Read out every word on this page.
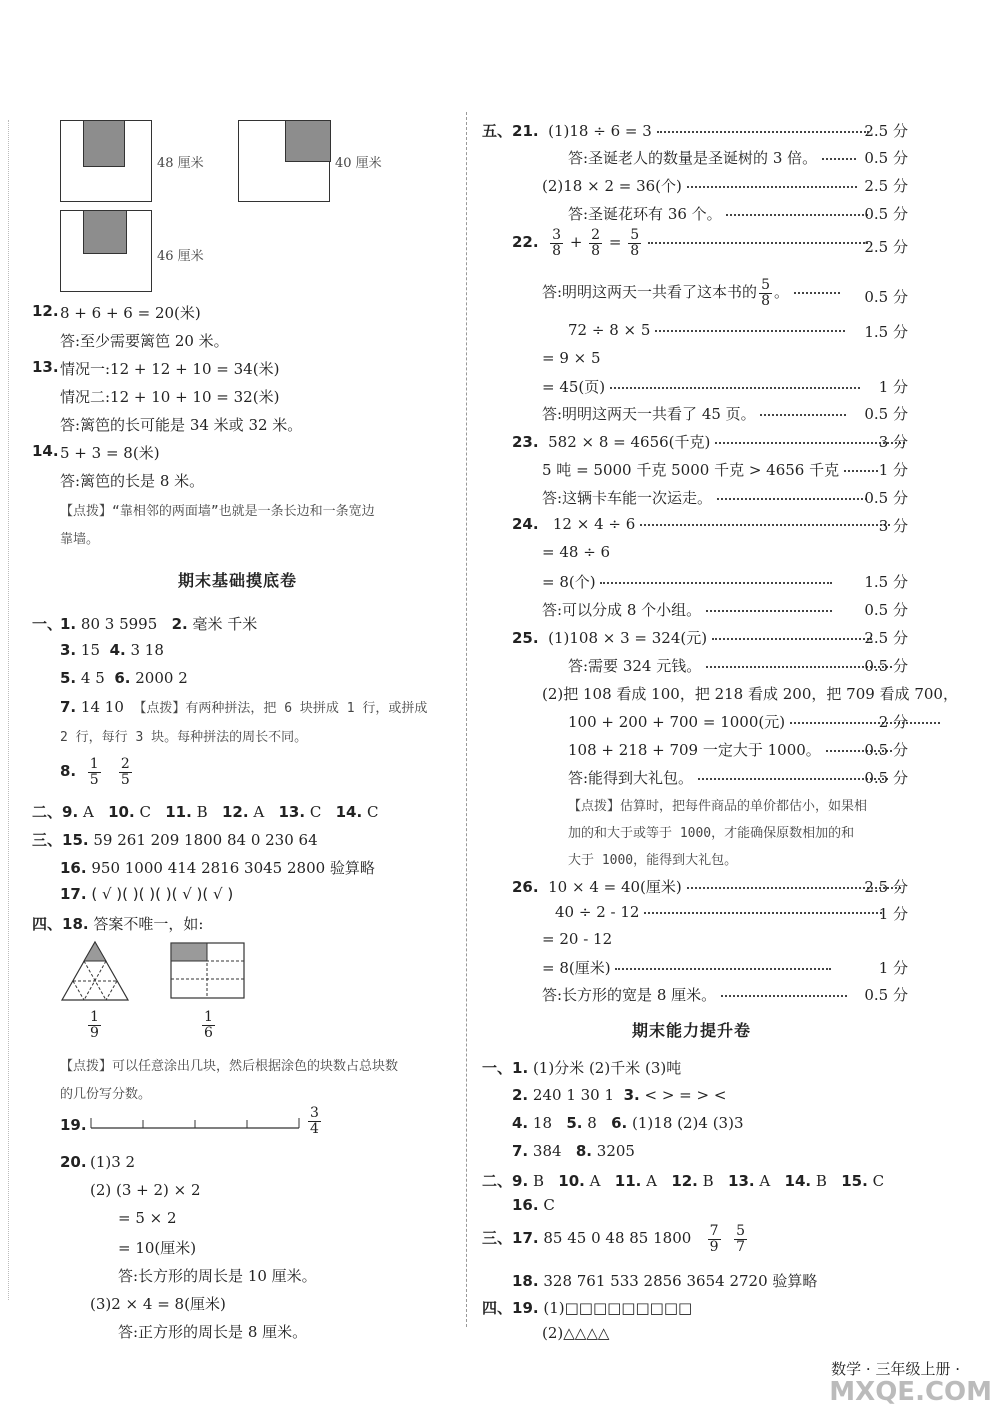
48 厘米	40 厘米
46 厘米
12. 8 + 6 + 6 = 20(米)
答:至少需要篱笆 20 米。
13. 情况一:12 + 12 + 10 = 34(米)
情况二:12 + 10 + 10 = 32(米)
答:篱笆的长可能是 34 米或 32 米。
14. 5 + 3 = 8(米)
答:篱笆的长是 8 米。
【点拨】“靠相邻的两面墙”也就是一条长边和一条宽边
靠墙。
期末基础摸底卷
一、
1. 80 3 5995 2. 毫米 千米
3. 15 4. 3 18
5. 4 5 6. 2000 2
7. 14 10 【点拨】有两种拼法，把 6 块拼成 1 行，或拼成
2 行，每行 3 块。每种拼法的周长不同。
8. $\frac{1}{5}$
$\frac{2}{5}$
二、9. A 10. C 11. B 12. A 13. C 14. C
三、15. 59 261 209 1800 84 0 230 64
16. 950 1000 414 2816 3045 2800 验算略
17. ( √ )( )( )( )( √ )( √ )
四、18. 答案不唯一，如:
$\frac{1}{9}$	$\frac{1}{6}$
【点拨】可以任意涂出几块，然后根据涂色的块数占总块数
的几份写分数。
19.	$\frac{3}{4}$
20. (1)3 2
(2) (3 + 2) × 2
= 5 × 2
= 10(厘米)
答:长方形的周长是 10 厘米。
(3)2 × 4 = 8(厘米)
答:正方形的周长是 8 厘米。
五、21. (1)18 ÷ 6 = 3	2.5 分
答:圣诞老人的数量是圣诞树的 3 倍。	0.5 分
(2)18 × 2 = 36(个)	2.5 分
答:圣诞花环有 36 个。	0.5 分
22. $\frac{3}{8} + \frac{2}{8} = \frac{5}{8}$
	2.5 分
答:明明这两天一共看了这本书的 $\frac{5}{8}$ 。	0.5 分
72 ÷ 8 × 5	1.5 分
= 9 × 5
= 45(页)	1 分
答:明明这两天一共看了 45 页。	0.5 分
23. 582 × 8 = 4656(千克)	3 分
5 吨 = 5000 千克 5000 千克 > 4656 千克	1 分
答:这辆卡车能一次运走。	0.5 分
24. 12 × 4 ÷ 6	3 分
= 48 ÷ 6
= 8(个)	1.5 分
答:可以分成 8 个小组。	0.5 分
25. (1)108 × 3 = 324(元)	2.5 分
答:需要 324 元钱。	0.5 分
(2)把 108 看成 100，把 218 看成 200，把 709 看成 700，
100 + 200 + 700 = 1000(元)	2 分
108 + 218 + 709 一定大于 1000。	0.5 分
答:能得到大礼包。	0.5 分
【点拨】估算时，把每件商品的单价都估小，如果相
加的和大于或等于 1000，才能确保原数相加的和
大于 1000，能得到大礼包。
26. 10 × 4 = 40(厘米)	2.5 分
40 ÷ 2 - 12	1 分
= 20 - 12
= 8(厘米)	1 分
答:长方形的宽是 8 厘米。	0.5 分
期末能力提升卷
一、1. (1)分米 (2)千米 (3)吨
2. 240 1 30 1 3. < > = > <
4. 18 5. 8 6. (1)18 (2)4 (3)3
7. 384 8. 3205
二、9. B 10. A 11. A 12. B 13. A 14. B 15. C
16. C
三、17. 85 45 0 48 85 $1800 \frac{7}{9}$
$\frac{5}{7}$
18. 328 761 533 2856 3654 2720 验算略
四、19. (1)□□□□□□□□□
(2)△△△△
数学 · 三年级上册 ·
MXQE.COM
